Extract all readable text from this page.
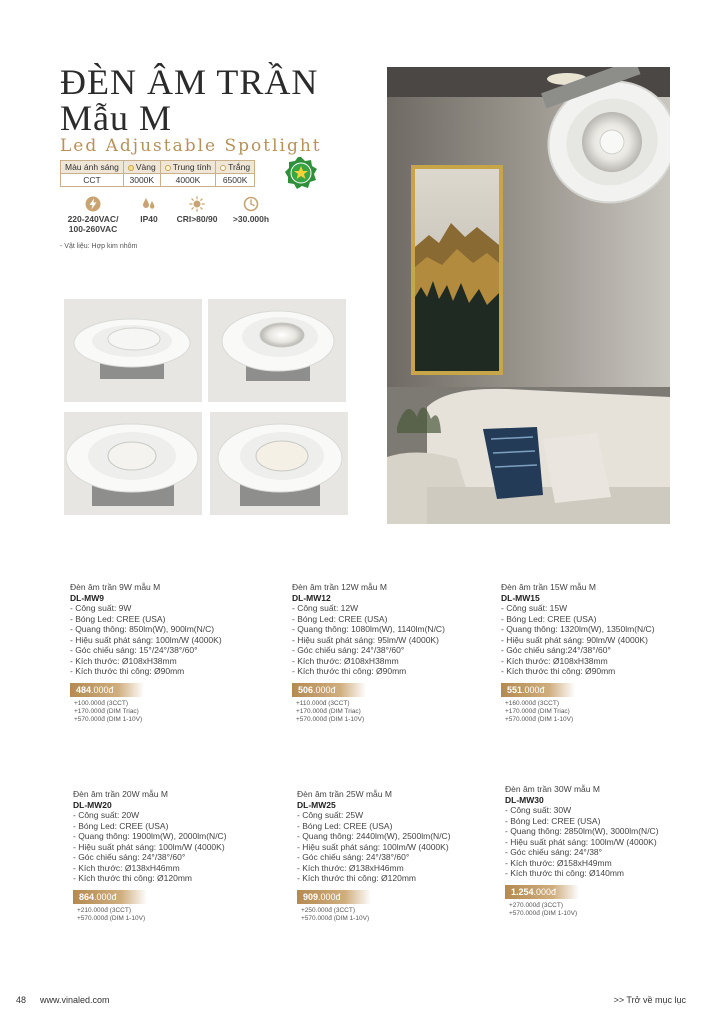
ĐÈN ÂM TRẦN
Mẫu M
Led Adjustable Spotlight
Màu ánh sáng	Vàng	Trung tính	Trắng
CCT	3000K	4000K	6500K
220-240VAC/
100-260VAC
IP40	CRI>80/90	>30.000h
- Vật liệu: Hợp kim nhôm
Đèn âm trần 9W mẫu M
DL-MW9
- Công suất: 9W
- Bóng Led: CREE (USA)
- Quang thông: 850lm(W), 900lm(N/C)
- Hiệu suất phát sáng: 100lm/W (4000K)
- Góc chiếu sáng: 15°/24°/38°/60°
- Kích thước: Ø108xH38mm
- Kích thước thi công: Ø90mm
484.000đ
+100.000đ (3CCT)
+170.000đ (DIM Triac)
+570.000đ (DIM 1-10V)
Đèn âm trần 12W mẫu M
DL-MW12
- Công suất: 12W
- Bóng Led: CREE (USA)
- Quang thông: 1080lm(W), 1140lm(N/C)
- Hiệu suất phát sáng: 95lm/W (4000K)
- Góc chiếu sáng: 24°/38°/60°
- Kích thước: Ø108xH38mm
- Kích thước thi công: Ø90mm
506.000đ
+110.000đ (3CCT)
+170.000đ (DIM Triac)
+570.000đ (DIM 1-10V)
Đèn âm trần 15W mẫu M
DL-MW15
- Công suất: 15W
- Bóng Led: CREE (USA)
- Quang thông: 1320lm(W), 1350lm(N/C)
- Hiệu suất phát sáng: 90lm/W (4000K)
- Góc chiếu sáng:24°/38°/60°
- Kích thước: Ø108xH38mm
- Kích thước thi công: Ø90mm
551.000đ
+160.000đ (3CCT)
+170.000đ (DIM Triac)
+570.000đ (DIM 1-10V)
Đèn âm trần 20W mẫu M
DL-MW20
- Công suất: 20W
- Bóng Led: CREE (USA)
- Quang thông: 1900lm(W), 2000lm(N/C)
- Hiệu suất phát sáng: 100lm/W (4000K)
- Góc chiếu sáng: 24°/38°/60°
- Kích thước: Ø138xH46mm
- Kích thước thi công: Ø120mm
864.000đ
+210.000đ (3CCT)
+570.000đ (DIM 1-10V)
Đèn âm trần 25W mẫu M
DL-MW25
- Công suất: 25W
- Bóng Led: CREE (USA)
- Quang thông: 2440lm(W), 2500lm(N/C)
- Hiệu suất phát sáng: 100lm/W (4000K)
- Góc chiếu sáng: 24°/38°/60°
- Kích thước: Ø138xH46mm
- Kích thước thi công: Ø120mm
909.000đ
+250.000đ (3CCT)
+570.000đ (DIM 1-10V)
Đèn âm trần 30W mẫu M
DL-MW30
- Công suất: 30W
- Bóng Led: CREE (USA)
- Quang thông: 2850lm(W), 3000lm(N/C)
- Hiệu suất phát sáng: 100lm/W (4000K)
- Góc chiếu sáng: 24°/38°
- Kích thước: Ø158xH49mm
- Kích thước thi công: Ø140mm
1.254.000đ
+270.000đ (3CCT)
+570.000đ (DIM 1-10V)
48 www.vinaled.com	>> Trở về mục lục
